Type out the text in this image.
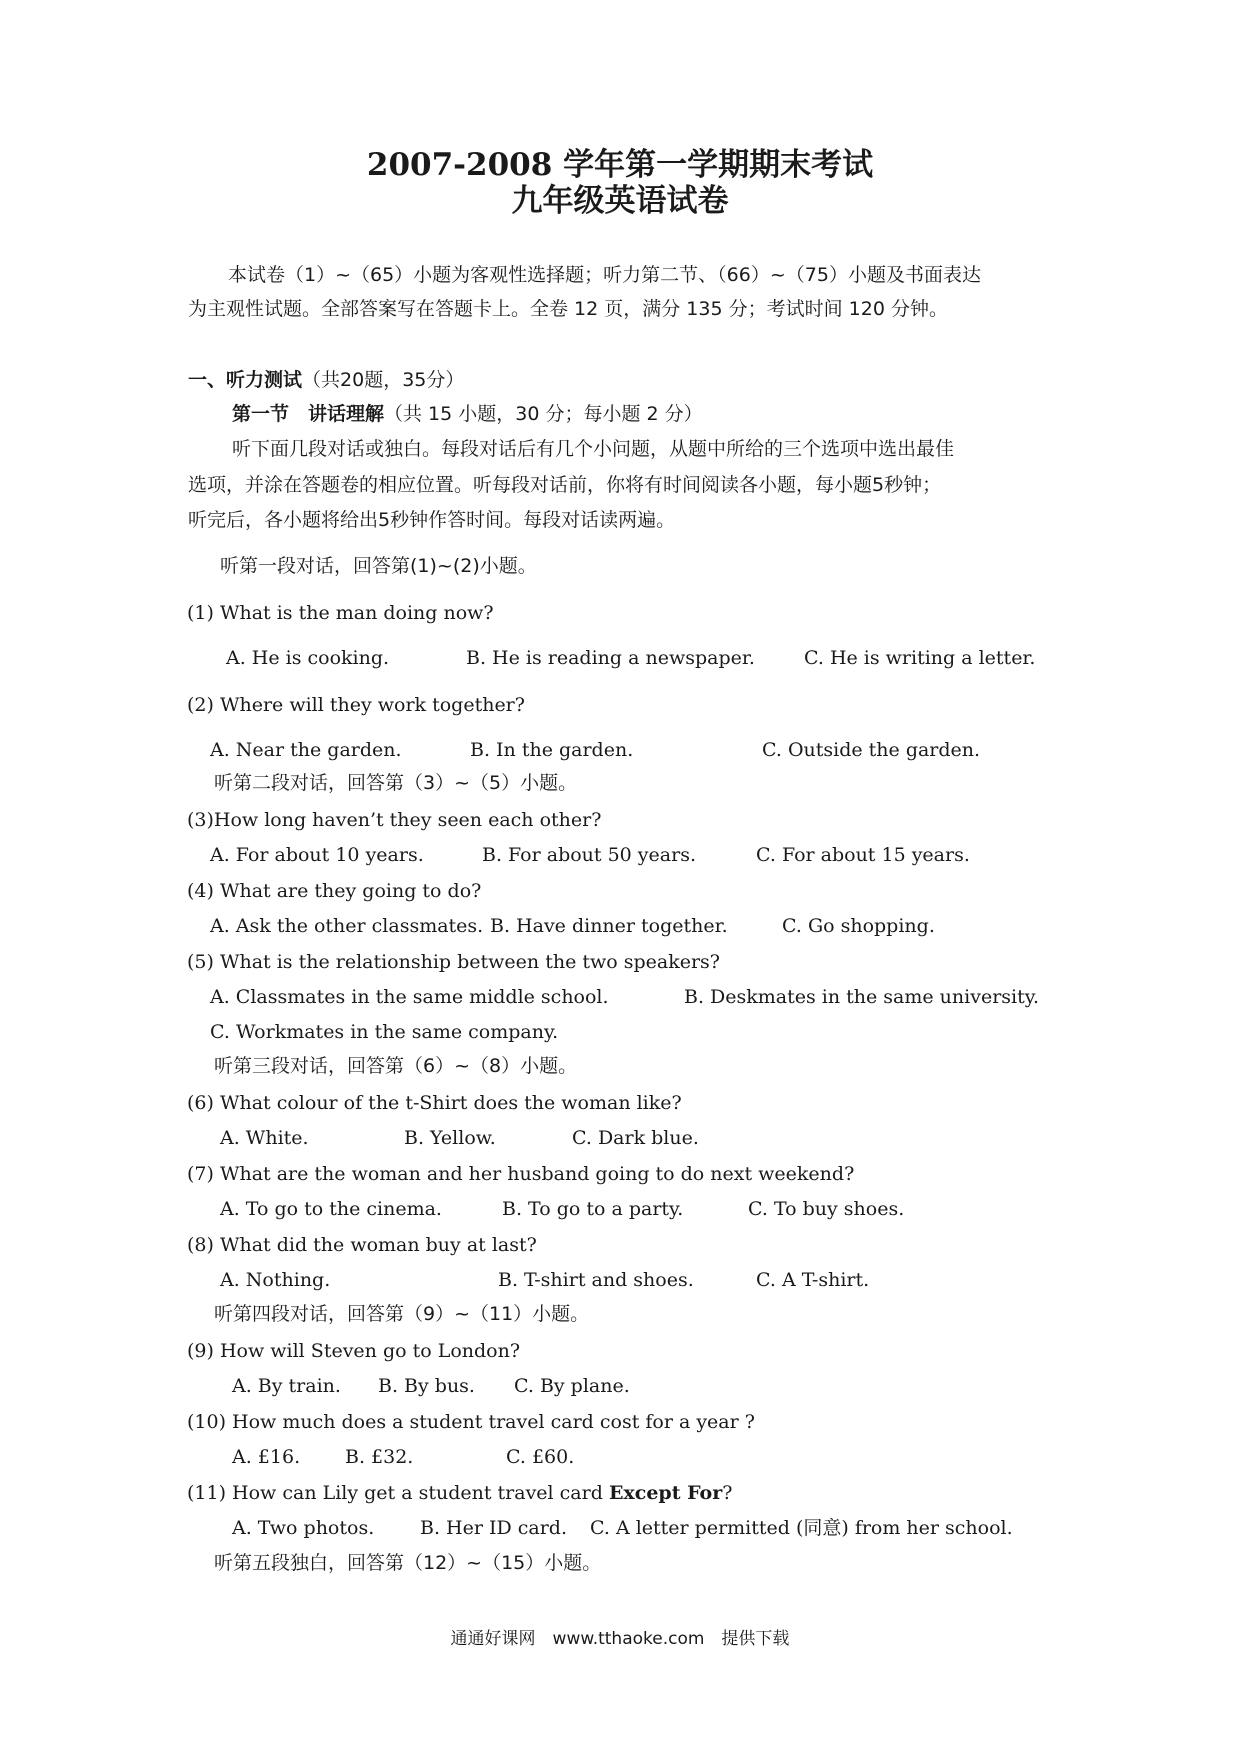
2007-2008 学年第一学期期末考试
九年级英语试卷
本试卷（1）~（65）小题为客观性选择题；听力第二节、（66）~（75）小题及书面表达
为主观性试题。全部答案写在答题卡上。全卷 12 页，满分 135 分；考试时间 120 分钟。
一、听力测试（共20题，35分）
第一节　讲话理解（共 15 小题，30 分；每小题 2 分）
听下面几段对话或独白。每段对话后有几个小问题，从题中所给的三个选项中选出最佳
选项，并涂在答题卷的相应位置。听每段对话前，你将有时间阅读各小题，每小题5秒钟；
听完后，各小题将给出5秒钟作答时间。每段对话读两遍。
听第一段对话，回答第(1)~(2)小题。
(1) What is the man doing now?
A. He is cooking.	B. He is reading a newspaper.	C. He is writing a letter.
(2) Where will they work together?
A. Near the garden.	B. In the garden.	C. Outside the garden.
听第二段对话，回答第（3）~（5）小题。
(3)How long haven’t they seen each other?
A. For about 10 years.	B. For about 50 years.	C. For about 15 years.
(4) What are they going to do?
A. Ask the other classmates. B. Have dinner together.	C. Go shopping.
(5) What is the relationship between the two speakers?
A. Classmates in the same middle school.	B. Deskmates in the same university.
C. Workmates in the same company.
听第三段对话，回答第（6）~（8）小题。
(6) What colour of the t-Shirt does the woman like?
A. White.	B. Yellow.	C. Dark blue.
(7) What are the woman and her husband going to do next weekend?
A. To go to the cinema.	B. To go to a party.	C. To buy shoes.
(8) What did the woman buy at last?
A. Nothing.	B. T-shirt and shoes.	C. A T-shirt.
听第四段对话，回答第（9）~（11）小题。
(9) How will Steven go to London?
A. By train. B. By bus. C. By plane.
(10) How much does a student travel card cost for a year ?
A. £16. B. £32.	C. £60.
(11) How can Lily get a student travel card Except For?
A. Two photos. B. Her ID card. C. A letter permitted (同意) from her school.
听第五段独白，回答第（12）~（15）小题。
通通好课网　www.tthaoke.com　提供下载
